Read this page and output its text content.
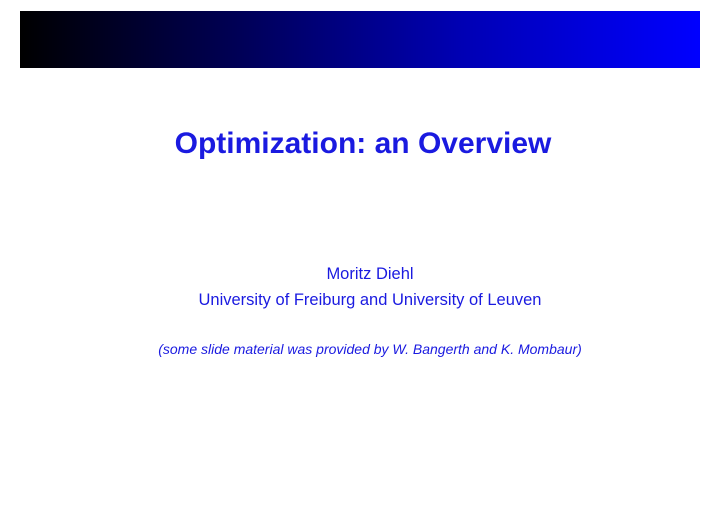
Optimization: an Overview
Moritz Diehl
University of Freiburg and University of Leuven
(some slide material was provided by W. Bangerth and K. Mombaur)
